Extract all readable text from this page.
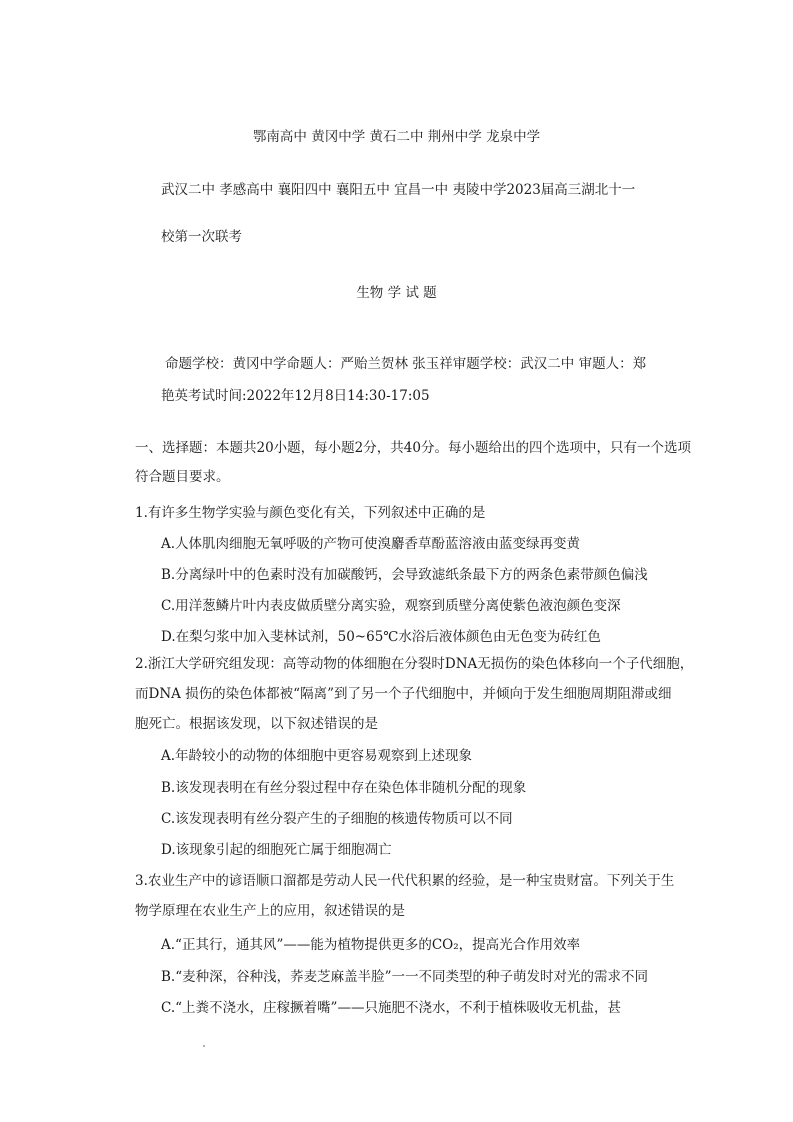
鄂南高中 黄冈中学 黄石二中 荆州中学 龙泉中学
武汉二中 孝感高中 襄阳四中 襄阳五中 宜昌一中 夷陵中学2023届高三湖北十一
校第一次联考
生物 学 试 题
命题学校：黄冈中学命题人：严贻兰贺林 张玉祥审题学校：武汉二中 审题人：郑
艳英考试时间:2022年12月8日14:30-17:05
一、选择题：本题共20小题，每小题2分，共40分。每小题给出的四个选项中，只有一个选项
符合题目要求。
1.有许多生物学实验与颜色变化有关，下列叙述中正确的是
A.人体肌肉细胞无氧呼吸的产物可使溴麝香草酚蓝溶液由蓝变绿再变黄
B.分离绿叶中的色素时没有加碳酸钙，会导致滤纸条最下方的两条色素带颜色偏浅
C.用洋葱鳞片叶内表皮做质壁分离实验，观察到质壁分离使紫色液泡颜色变深
D.在梨匀浆中加入斐林试剂，50~65℃水浴后液体颜色由无色变为砖红色
2.浙江大学研究组发现：高等动物的体细胞在分裂时DNA无损伤的染色体移向一个子代细胞，
而DNA 损伤的染色体都被“隔离”到了另一个子代细胞中，并倾向于发生细胞周期阻滞或细
胞死亡。根据该发现，以下叙述错误的是
A.年龄较小的动物的体细胞中更容易观察到上述现象
B.该发现表明在有丝分裂过程中存在染色体非随机分配的现象
C.该发现表明有丝分裂产生的子细胞的核遗传物质可以不同
D.该现象引起的细胞死亡属于细胞凋亡
3.农业生产中的谚语顺口溜都是劳动人民一代代积累的经验，是一种宝贵财富。下列关于生
物学原理在农业生产上的应用，叙述错误的是
A.“正其行，通其风”——能为植物提供更多的CO₂，提高光合作用效率
B.“麦种深，谷种浅，荞麦芝麻盖半脸”一一不同类型的种子萌发时对光的需求不同
C.“上粪不浇水，庄稼撅着嘴”——只施肥不浇水，不利于植株吸收无机盐，甚
